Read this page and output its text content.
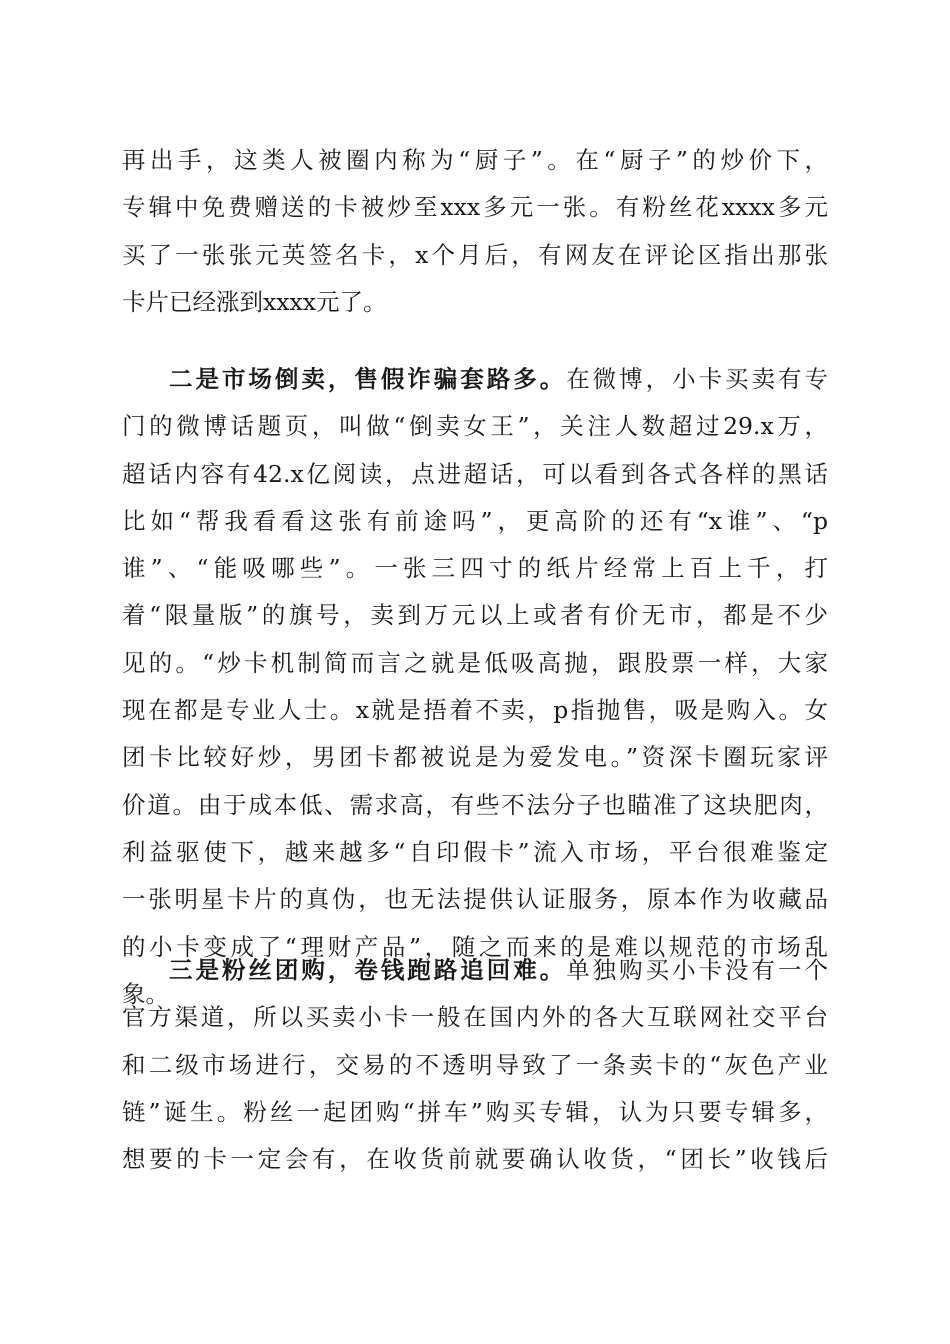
再出手，这类人被圈内称为“厨子”。在“厨子”的炒价下，
专辑中免费赠送的卡被炒至xxx多元一张。有粉丝花xxxx多元
买了一张张元英签名卡，x个月后，有网友在评论区指出那张
卡片已经涨到xxxx元了。
二是市场倒卖，售假诈骗套路多。在微博，小卡买卖有专
门的微博话题页，叫做“倒卖女王”，关注人数超过29.x万，
超话内容有42.x亿阅读，点进超话，可以看到各式各样的黑话
比如“帮我看看这张有前途吗”，更高阶的还有“x谁”、“p
谁”、“能吸哪些”。一张三四寸的纸片经常上百上千，打
着“限量版”的旗号，卖到万元以上或者有价无市，都是不少
见的。“炒卡机制简而言之就是低吸高抛，跟股票一样，大家
现在都是专业人士。x就是捂着不卖，p指抛售，吸是购入。女
团卡比较好炒，男团卡都被说是为爱发电。”资深卡圈玩家评
价道。由于成本低、需求高，有些不法分子也瞄准了这块肥肉，
利益驱使下，越来越多“自印假卡”流入市场，平台很难鉴定
一张明星卡片的真伪，也无法提供认证服务，原本作为收藏品
的小卡变成了“理财产品”，随之而来的是难以规范的市场乱
象。
三是粉丝团购，卷钱跑路追回难。单独购买小卡没有一个
官方渠道，所以买卖小卡一般在国内外的各大互联网社交平台
和二级市场进行，交易的不透明导致了一条卖卡的“灰色产业
链”诞生。粉丝一起团购“拼车”购买专辑，认为只要专辑多，
想要的卡一定会有，在收货前就要确认收货，“团长”收钱后
